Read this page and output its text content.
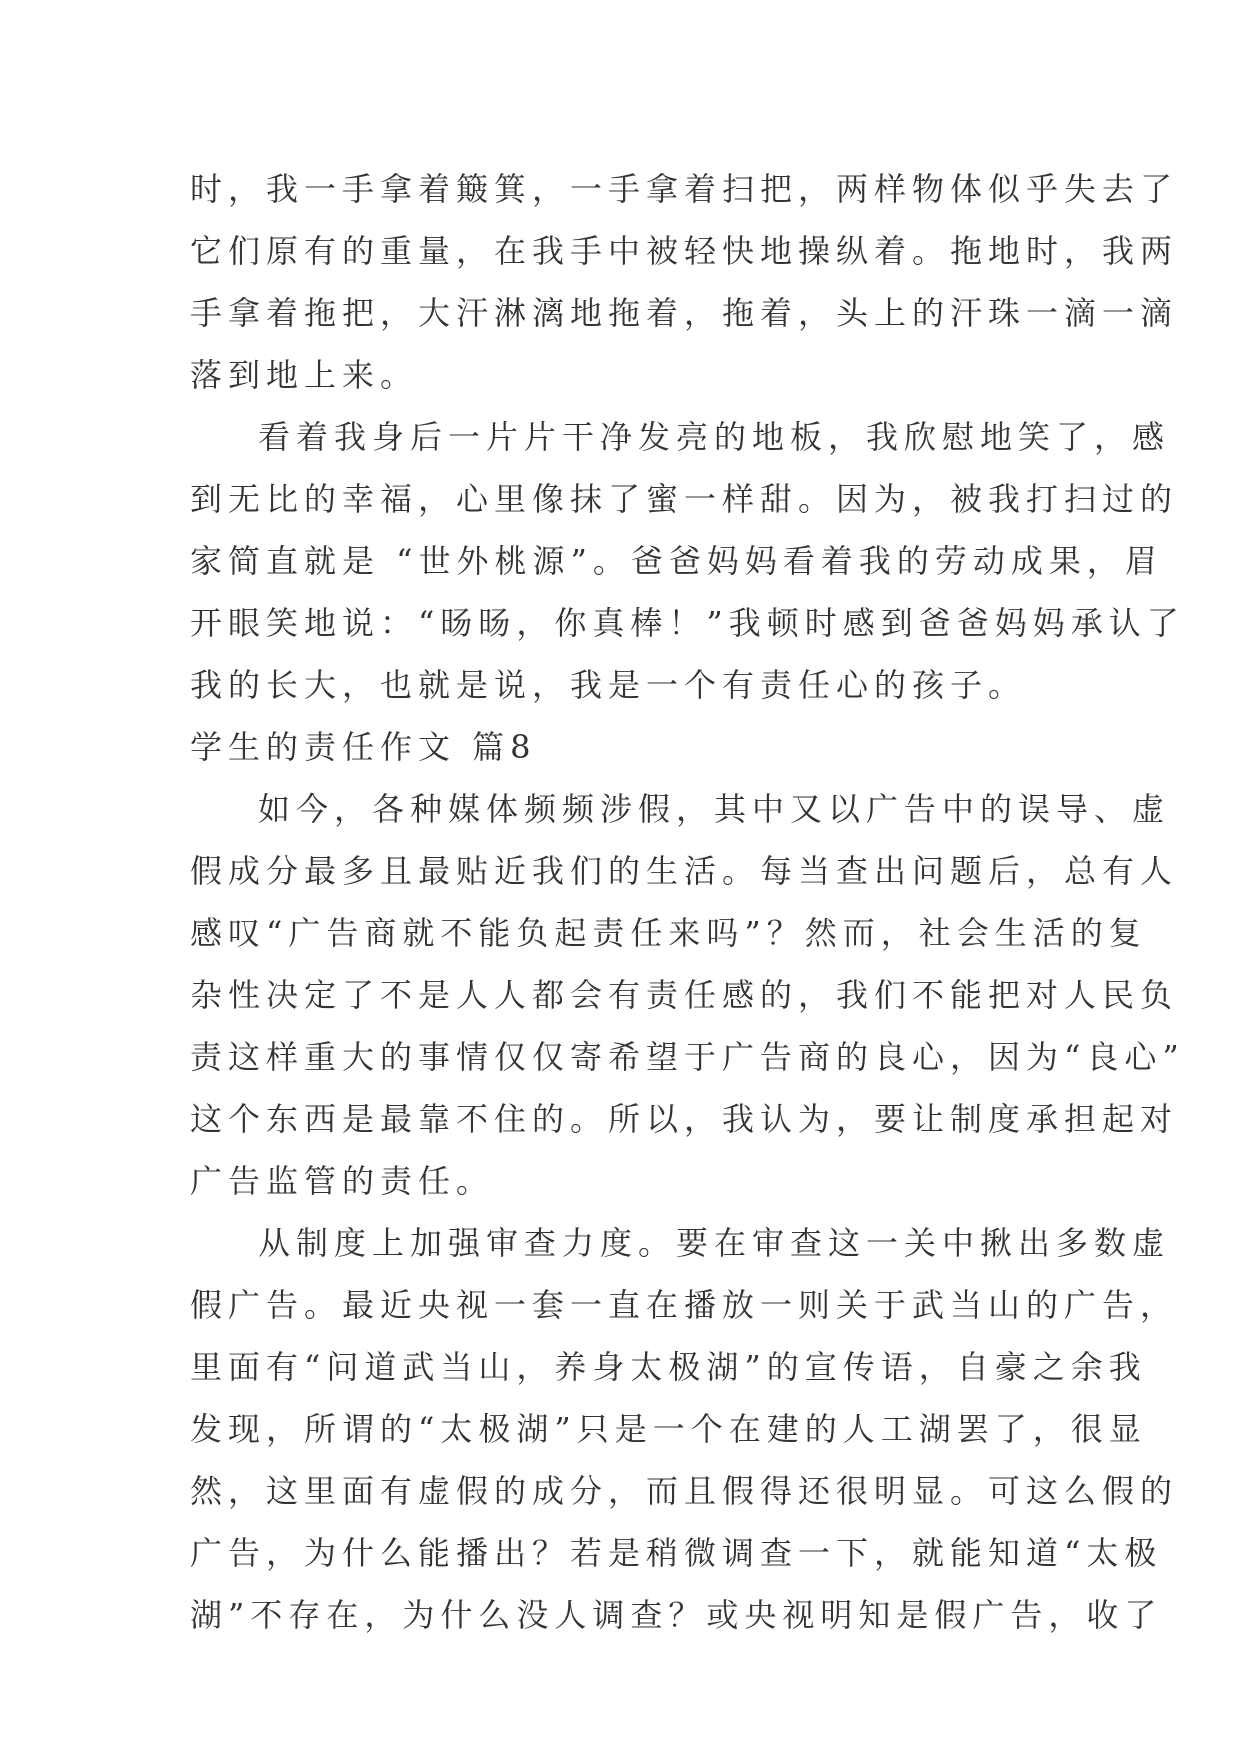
时，我一手拿着簸箕，一手拿着扫把，两样物体似乎失去了
它们原有的重量，在我手中被轻快地操纵着。拖地时，我两
手拿着拖把，大汗淋漓地拖着，拖着，头上的汗珠一滴一滴
落到地上来。
看着我身后一片片干净发亮的地板，我欣慰地笑了，感
到无比的幸福，心里像抹了蜜一样甜。因为，被我打扫过的
家简直就是 “世外桃源”。爸爸妈妈看着我的劳动成果，眉
开眼笑地说：“旸旸，你真棒！”我顿时感到爸爸妈妈承认了
我的长大，也就是说，我是一个有责任心的孩子。
学生的责任作文 篇8
如今，各种媒体频频涉假，其中又以广告中的误导、虚
假成分最多且最贴近我们的生活。每当查出问题后，总有人
感叹“广告商就不能负起责任来吗”？然而，社会生活的复
杂性决定了不是人人都会有责任感的，我们不能把对人民负
责这样重大的事情仅仅寄希望于广告商的良心，因为“良心”
这个东西是最靠不住的。所以，我认为，要让制度承担起对
广告监管的责任。
从制度上加强审查力度。要在审查这一关中揪出多数虚
假广告。最近央视一套一直在播放一则关于武当山的广告，
里面有“问道武当山，养身太极湖”的宣传语，自豪之余我
发现，所谓的“太极湖”只是一个在建的人工湖罢了，很显
然，这里面有虚假的成分，而且假得还很明显。可这么假的
广告，为什么能播出？若是稍微调查一下，就能知道“太极
湖”不存在，为什么没人调查？或央视明知是假广告，收了
